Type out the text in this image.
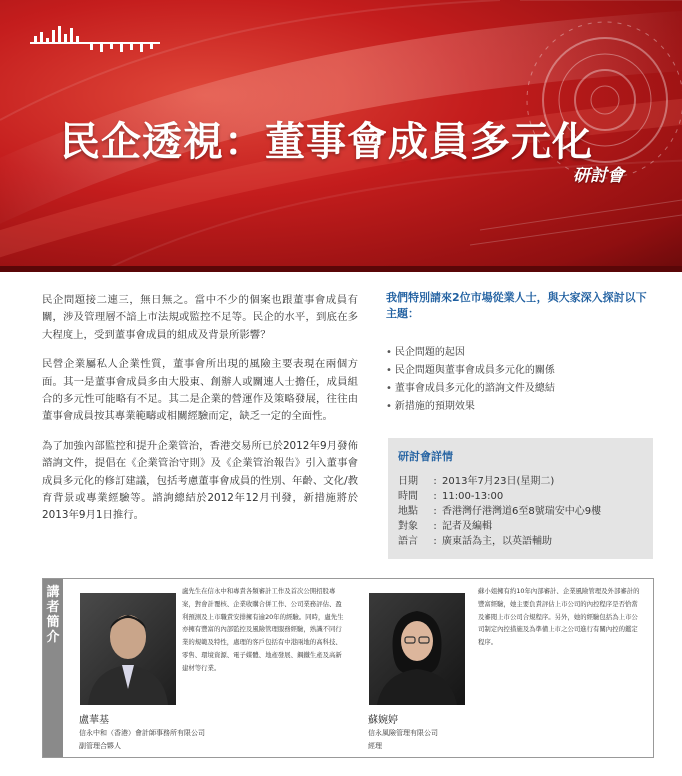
民企透視：董事會成員多元化
研討會

民企問題接二連三，無日無之。當中不少的個案也跟董事會成員有關，涉及管理層不諳上市法規或監控不足等。民企的水平，到底在多大程度上，受到董事會成員的組成及背景所影響？

民營企業屬私人企業性質，董事會所出現的風險主要表現在兩個方面。其一是董事會成員多由大股東、創辦人或關連人士擔任，成員組合的多元性可能略有不足。其二是企業的營運作及策略發展，往往由董事會成員按其專業範疇或相關經驗而定，缺乏一定的全面性。

為了加強內部監控和提升企業管治，香港交易所已於2012年9月發佈諮詢文件，提倡在《企業管治守則》及《企業管治報告》引入董事會成員多元化的修訂建議，包括考慮董事會成員的性別、年齡、文化/教育背景或專業經驗等。諮詢總結於2012年12月刊發，新措施將於2013年9月1日推行。

我們特別請來2位市場從業人士，與大家深入探討以下主題：
• 民企問題的起因
• 民企問題與董事會成員多元化的關係
• 董事會成員多元化的諮詢文件及總結
• 新措施的預期效果
研討會詳情
日期	: 2013年7月23日(星期二)
時間	: 11:00-13:00
地點	: 香港灣仔港灣道6至8號瑞安中心9樓
對象	: 記者及編輯
語言	: 廣東話為主，以英語輔助
講
者
簡
介
盧先生在信永中和專責各類審計工作及首次公開招股專案，對會計覆核、企業收購合併工作、公司業務評估、盈利預測及上市職責安排擁有逾20年的經驗。同時，盧先生亦擁有豐富的內部監控及風險管理服務經驗，熟識不同行業的規範及特性，處理的客戶包括有中港兩地的高科技、零售、環境資源、電子媒體、地產發展、鋼鐵生產及高新建材等行業。
盧華基
信永中和（香港）會計師事務所有限公司
副管理合夥人
蘇小姐擁有約10年內部審計、企業風險管理及外部審計的豐富經驗，她主要負責評估上市公司的內控程序是否恰當及審閱上市公司合規程序。另外，她的經驗包括為上市公司制定內控措施及為準備上市之公司進行有關內控的鑑定程序。
蘇婉婷
信永風險管理有限公司
經理
